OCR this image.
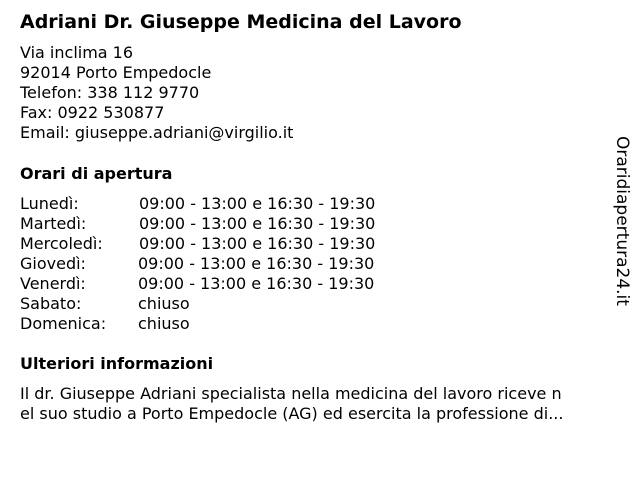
Adriani Dr. Giuseppe Medicina del Lavoro
Via inclima 16
92014 Porto Empedocle
Telefon: 338 112 9770
Fax: 0922 530877
Email: giuseppe.adriani@virgilio.it
Orari di apertura
Lunedì:	09:00 - 13:00 e 16:30 - 19:30
Martedì:	09:00 - 13:00 e 16:30 - 19:30
Mercoledì: 09:00 - 13:00 e 16:30 - 19:30
Giovedì:	09:00 - 13:00 e 16:30 - 19:30
Venerdì:	09:00 - 13:00 e 16:30 - 19:30
Sabato:	chiuso
Domenica: chiuso
Ulteriori informazioni
Il dr. Giuseppe Adriani specialista nella medicina del lavoro riceve n
el suo studio a Porto Empedocle (AG) ed esercita la professione di...
Oraridiapertura24.it
